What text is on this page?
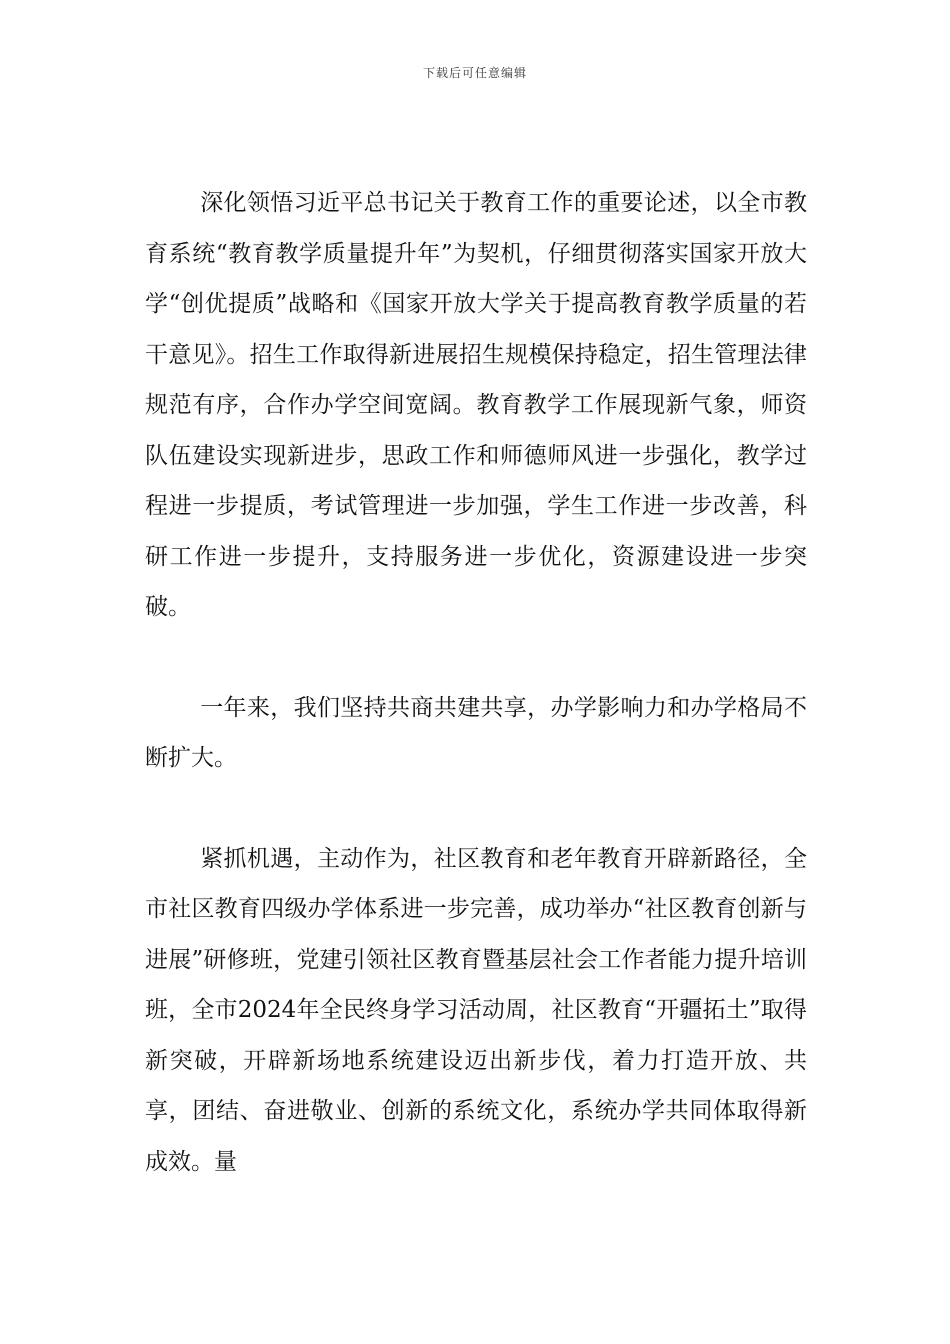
下载后可任意编辑

深化领悟习近平总书记关于教育工作的重要论述，以全市教育系统“教育教学质量提升年”为契机，仔细贯彻落实国家开放大学“创优提质”战略和《国家开放大学关于提高教育教学质量的若干意见》。招生工作取得新进展招生规模保持稳定，招生管理法律规范有序，合作办学空间宽阔。教育教学工作展现新气象，师资队伍建设实现新进步，思政工作和师德师风进一步强化，教学过程进一步提质，考试管理进一步加强，学生工作进一步改善，科研工作进一步提升，支持服务进一步优化，资源建设进一步突破。

一年来，我们坚持共商共建共享，办学影响力和办学格局不断扩大。

紧抓机遇，主动作为，社区教育和老年教育开辟新路径，全市社区教育四级办学体系进一步完善，成功举办“社区教育创新与进展”研修班，党建引领社区教育暨基层社会工作者能力提升培训班，全市2024年全民终身学习活动周，社区教育“开疆拓土”取得新突破，开辟新场地系统建设迈出新步伐，着力打造开放、共享，团结、奋进敬业、创新的系统文化，系统办学共同体取得新成效。量
